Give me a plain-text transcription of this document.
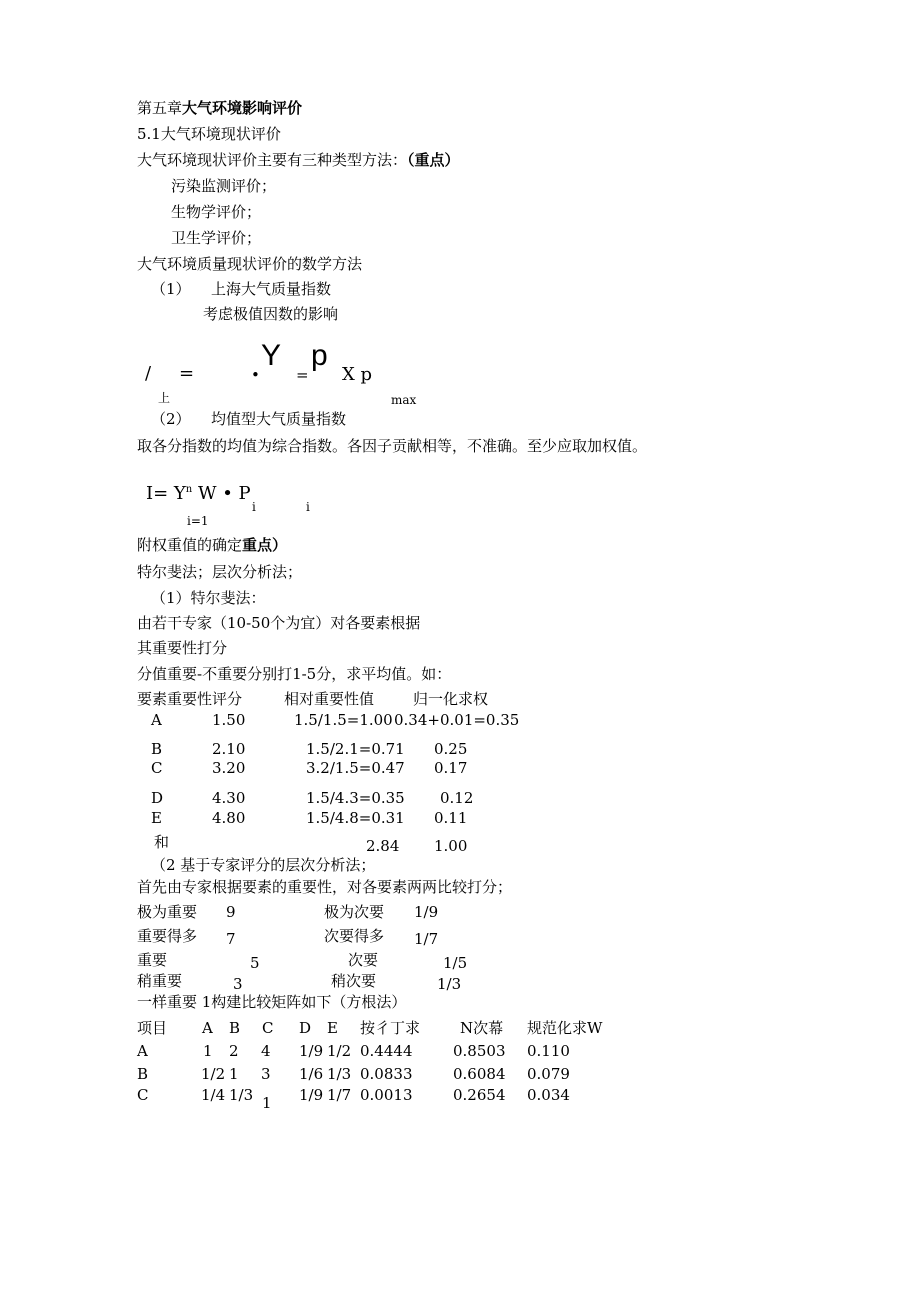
第五章大气环境影响评价
5.1大气环境现状评价
大气环境现状评价主要有三种类型方法：（重点）
污染监测评价；
生物学评价；
卫生学评价；
大气环境质量现状评价的数学方法
（1） 上海大气质量指数
考虑极值因数的影响
/ =	•
Y
=
p
X p
上	max
（2） 均值型大气质量指数
取各分指数的均值为综合指数。各因子贡献相等，不准确。至少应取加权值。
$I= Y^n$ W • P
i	i
i=1
附权重值的确定重点）
特尔斐法；层次分析法；
（1）特尔斐法：
由若干专家（10-50个为宜）对各要素根据
其重要性打分
分值重要-不重要分别打1-5分，求平均值。如：
要素重要性评分	相对重要性值	归一化求权
A	1.50	1.5/1.5=1.00 0.34+0.01=0.35
B	2.10	1.5/2.1=0.71 0.25
C	3.20	3.2/1.5=0.47 0.17
D	4.30	1.5/4.3=0.35 0.12
E	4.80	1.5/4.8=0.31 0.11
和	2.84 1.00
（2 基于专家评分的层次分析法；
首先由专家根据要素的重要性，对各要素两两比较打分；
极为重要 9	极为次要 1/9
重要得多 7	次要得多 1/7
重要	5	次要	1/5
稍重要	3	稍次要	1/3
一样重要 1构建比较矩阵如下（方根法）
项目 A B C D E 按彳丁求	N次幕 规范化求W
A	1 2 4 1/9 1/2 0.4444	0.8503 0.110
B	1/2 1 3 1/6 1/3 0.0833	0.6084 0.079
C	1/4 1/3 1 1/9 1/7 0.0013	0.2654 0.034
